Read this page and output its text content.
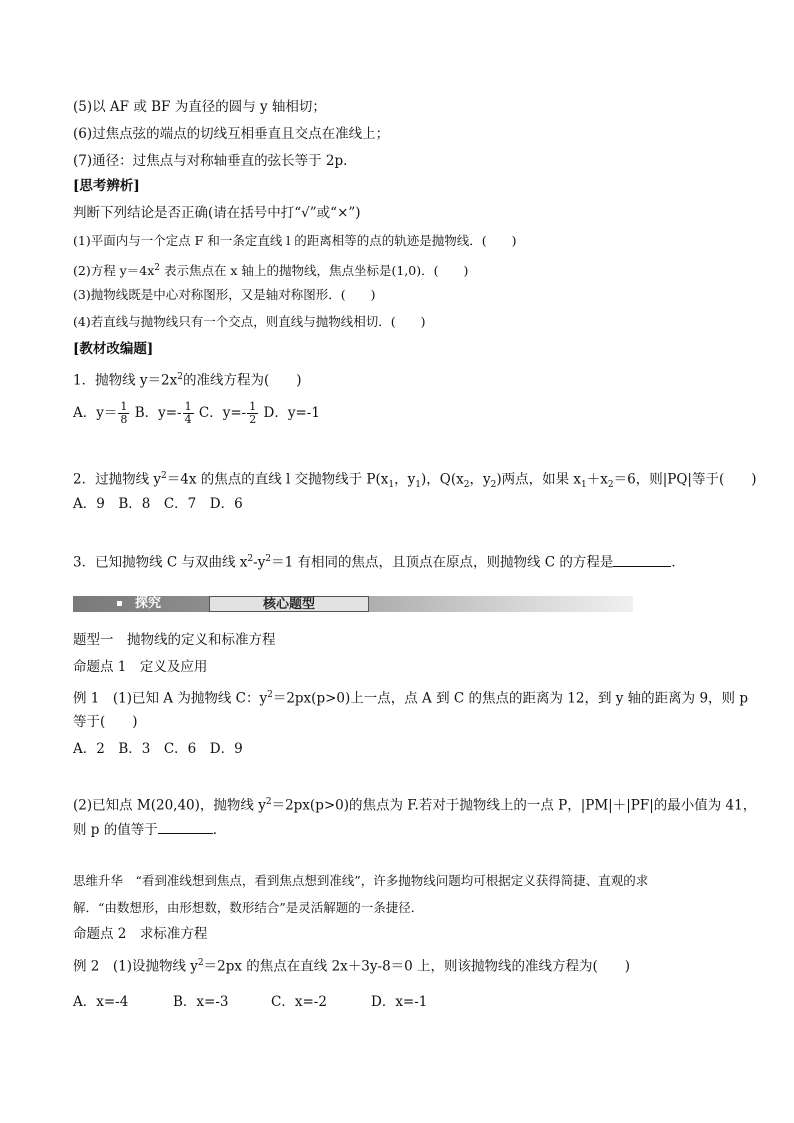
(5)以 AF 或 BF 为直径的圆与 y 轴相切；
(6)过焦点弦的端点的切线互相垂直且交点在准线上；
(7)通径：过焦点与对称轴垂直的弦长等于 2p.
[思考辨析]
判断下列结论是否正确(请在括号中打“√”或“×”)
(1)平面内与一个定点 F 和一条定直线 l 的距离相等的点的轨迹是抛物线．(　　)
(2)方程 $y=4x^2$ 表示焦点在 x 轴上的抛物线，焦点坐标是(1,0)．(　　)
(3)抛物线既是中心对称图形，又是轴对称图形．(　　)
(4)若直线与抛物线只有一个交点，则直线与抛物线相切．(　　)
[教材改编题]
1．抛物线 $y=2x^2$的准线方程为(　　)
A．$y= \frac{1}{8}$ B．$y=- \frac{1}{4}$ C．$y=- \frac{1}{2}$ D．y=-1
2．过抛物线 $y^2=4x$ 的焦点的直线 l 交抛物线于 $P(x_1$，$y_1$)，$Q(x_2$，$y_2$)两点，如果 $x_1+x_2=6$，则|PQ|等于(　　)
A．9　B．8　C．7　D．6
3．已知抛物线 C 与双曲线 $x^2-y^2=1$ 有相同的焦点，且顶点在原点，则抛物线 C 的方程是	．
探究	核心题型
题型一　抛物线的定义和标准方程
命题点 1　定义及应用
例 1　(1)已知 A 为抛物线 C：$y^2=2px(p>0)$上一点，点 A 到 C 的焦点的距离为 12，到 y 轴的距离为 9，则 p
等于(　　)
A．2　B．3　C．6　D．9
(2)已知点 M(20,40)，抛物线 $y^2=2px(p>0)$的焦点为 F.若对于抛物线上的一点 P，|PM|＋|PF|的最小值为 41，
则 p 的值等于	．
思维升华　“看到准线想到焦点，看到焦点想到准线”，许多抛物线问题均可根据定义获得简捷、直观的求
解．“由数想形，由形想数，数形结合”是灵活解题的一条捷径．
命题点 2　求标准方程
例 2　(1)设抛物线 $y^2=2px$ 的焦点在直线 2x＋3y-8＝0 上，则该抛物线的准线方程为(　　)
A．x=-4	B．x=-3	C．x=-2	D．x=-1
